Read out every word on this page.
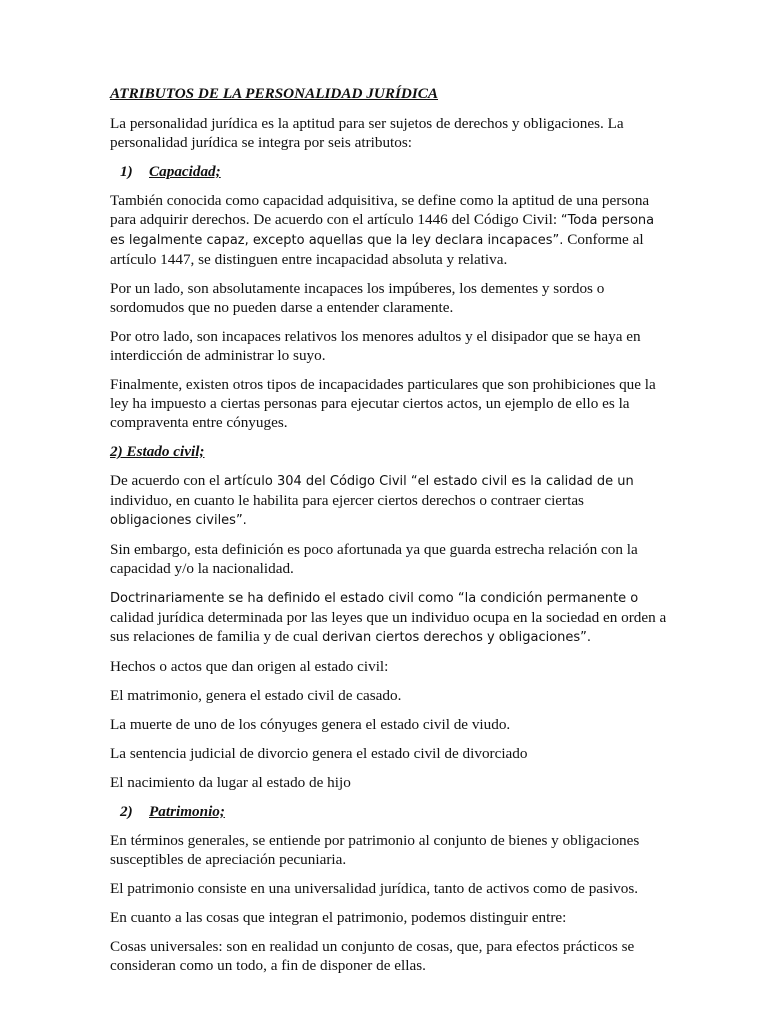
ATRIBUTOS DE LA PERSONALIDAD JURÍDICA

La personalidad jurídica es la aptitud para ser sujetos de derechos y obligaciones. La personalidad jurídica se integra por seis atributos:

1) Capacidad;

También conocida como capacidad adquisitiva, se define como la aptitud de una persona para adquirir derechos. De acuerdo con el artículo 1446 del Código Civil: “Toda persona es legalmente capaz, excepto aquellas que la ley declara incapaces”. Conforme al artículo 1447, se distinguen entre incapacidad absoluta y relativa.

Por un lado, son absolutamente incapaces los impúberes, los dementes y sordos o sordomudos que no pueden darse a entender claramente.

Por otro lado, son incapaces relativos los menores adultos y el disipador que se haya en interdicción de administrar lo suyo.

Finalmente, existen otros tipos de incapacidades particulares que son prohibiciones que la ley ha impuesto a ciertas personas para ejecutar ciertos actos, un ejemplo de ello es la compraventa entre cónyuges.

2) Estado civil;

De acuerdo con el artículo 304 del Código Civil “el estado civil es la calidad de un individuo, en cuanto le habilita para ejercer ciertos derechos o contraer ciertas obligaciones civiles”.

Sin embargo, esta definición es poco afortunada ya que guarda estrecha relación con la capacidad y/o la nacionalidad.

Doctrinariamente se ha definido el estado civil como “la condición permanente o calidad jurídica determinada por las leyes que un individuo ocupa en la sociedad en orden a sus relaciones de familia y de cual derivan ciertos derechos y obligaciones”.

Hechos o actos que dan origen al estado civil:

El matrimonio, genera el estado civil de casado.

La muerte de uno de los cónyuges genera el estado civil de viudo.

La sentencia judicial de divorcio genera el estado civil de divorciado

El nacimiento da lugar al estado de hijo

2) Patrimonio;

En términos generales, se entiende por patrimonio al conjunto de bienes y obligaciones susceptibles de apreciación pecuniaria.

El patrimonio consiste en una universalidad jurídica, tanto de activos como de pasivos.

En cuanto a las cosas que integran el patrimonio, podemos distinguir entre:

Cosas universales: son en realidad un conjunto de cosas, que, para efectos prácticos se consideran como un todo, a fin de disponer de ellas.
